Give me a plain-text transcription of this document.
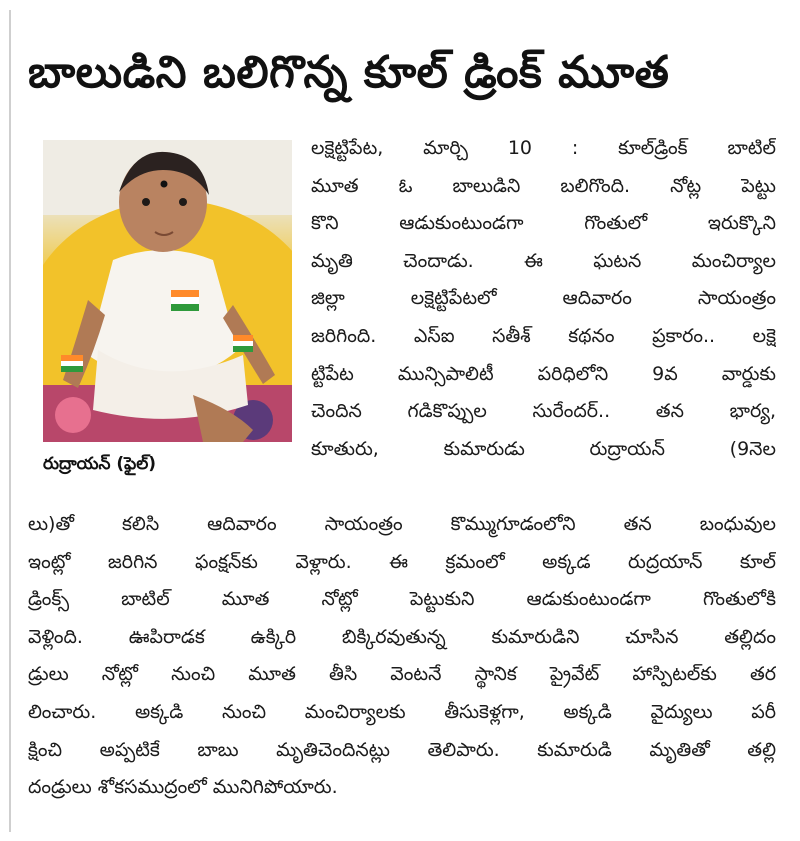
బాలుడిని బలిగొన్న కూల్ డ్రింక్ మూత
రుద్రాయన్ (ఫైల్)
లక్షెట్టిపేట, మార్చి 10 : కూల్‌డ్రింక్ బాటిల్
మూత ఓ బాలుడిని బలిగొంది. నోట్ల పెట్టు
కొని ఆడుకుంటుండగా గొంతులో ఇరుక్కొని
మృతి చెందాడు. ఈ ఘటన మంచిర్యాల
జిల్లా లక్షెట్టిపేటలో ఆదివారం సాయంత్రం
జరిగింది. ఎస్ఐ సతీశ్ కథనం ప్రకారం.. లక్షె
ట్టిపేట మున్సిపాలిటీ పరిధిలోని 9వ వార్డుకు
చెందిన గడికొప్పుల సురేందర్.. తన భార్య,
కూతురు, కుమారుడు రుద్రాయన్ (9నెల
లు)తో కలిసి ఆదివారం సాయంత్రం కొమ్ముగూడంలోని తన బంధువుల
ఇంట్లో జరిగిన ఫంక్షన్‌కు వెళ్లారు. ఈ క్రమంలో అక్కడ రుద్రయాన్ కూల్
డ్రింక్స్ బాటిల్ మూత నోట్లో పెట్టుకుని ఆడుకుంటుండగా గొంతులోకి
వెళ్లింది. ఊపిరాడక ఉక్కిరి బిక్కిరవుతున్న కుమారుడిని చూసిన తల్లిదం
డ్రులు నోట్లో నుంచి మూత తీసి వెంటనే స్థానిక ప్రైవేట్ హాస్పిటల్‌కు తర
లించారు. అక్కడి నుంచి మంచిర్యాలకు తీసుకెళ్లగా, అక్కడి వైద్యులు పరీ
క్షించి అప్పటికే బాబు మృతిచెందినట్లు తెలిపారు. కుమారుడి మృతితో తల్లి
దండ్రులు శోకసముద్రంలో మునిగిపోయారు.
